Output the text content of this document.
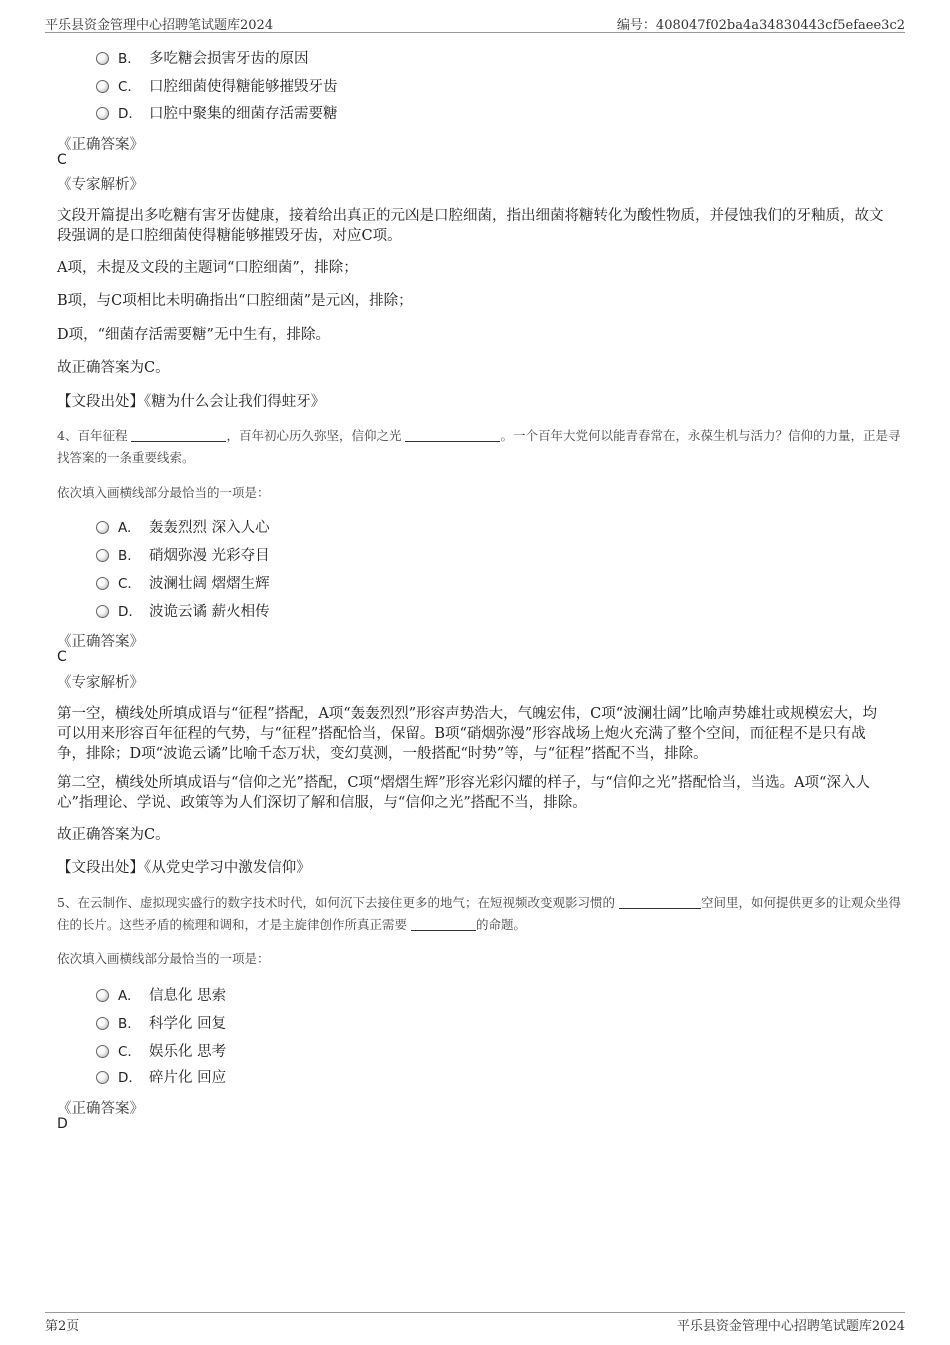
平乐县资金管理中心招聘笔试题库2024	编号：408047f02ba4a34830443cf5efaee3c2
B. 多吃糖会损害牙齿的原因
C. 口腔细菌使得糖能够摧毁牙齿
D. 口腔中聚集的细菌存活需要糖
《正确答案》
C
《专家解析》
文段开篇提出多吃糖有害牙齿健康，接着给出真正的元凶是口腔细菌，指出细菌将糖转化为酸性物质，并侵蚀我们的牙釉质，故文段强调的是口腔细菌使得糖能够摧毁牙齿，对应C项。
A项，未提及文段的主题词“口腔细菌”，排除；
B项，与C项相比未明确指出“口腔细菌”是元凶，排除；
D项，“细菌存活需要糖”无中生有，排除。
故正确答案为C。
【文段出处】《糖为什么会让我们得蛀牙》
4、百年征程	，百年初心历久弥坚，信仰之光	。一个百年大党何以能青春常在，永葆生机与活力？信仰的力量，正是寻找答案的一条重要线索。
依次填入画横线部分最恰当的一项是：
A. 轰轰烈烈 深入人心
B. 硝烟弥漫 光彩夺目
C. 波澜壮阔 熠熠生辉
D. 波诡云谲 薪火相传
《正确答案》
C
《专家解析》
第一空，横线处所填成语与“征程”搭配，A项“轰轰烈烈”形容声势浩大，气魄宏伟，C项“波澜壮阔”比喻声势雄壮或规模宏大，均可以用来形容百年征程的气势，与“征程”搭配恰当，保留。B项“硝烟弥漫”形容战场上炮火充满了整个空间，而征程不是只有战争，排除；D项“波诡云谲”比喻千态万状，变幻莫测，一般搭配“时势”等，与“征程”搭配不当，排除。
第二空，横线处所填成语与“信仰之光”搭配，C项“熠熠生辉”形容光彩闪耀的样子，与“信仰之光”搭配恰当，当选。A项“深入人心”指理论、学说、政策等为人们深切了解和信服，与“信仰之光”搭配不当，排除。
故正确答案为C。
【文段出处】《从党史学习中激发信仰》
5、在云制作、虚拟现实盛行的数字技术时代，如何沉下去接住更多的地气；在短视频改变观影习惯的	空间里，如何提供更多的让观众坐得住的长片。这些矛盾的梳理和调和，才是主旋律创作所真正需要	的命题。
依次填入画横线部分最恰当的一项是：
A. 信息化 思索
B. 科学化 回复
C. 娱乐化 思考
D. 碎片化 回应
《正确答案》
D
第2页	平乐县资金管理中心招聘笔试题库2024
